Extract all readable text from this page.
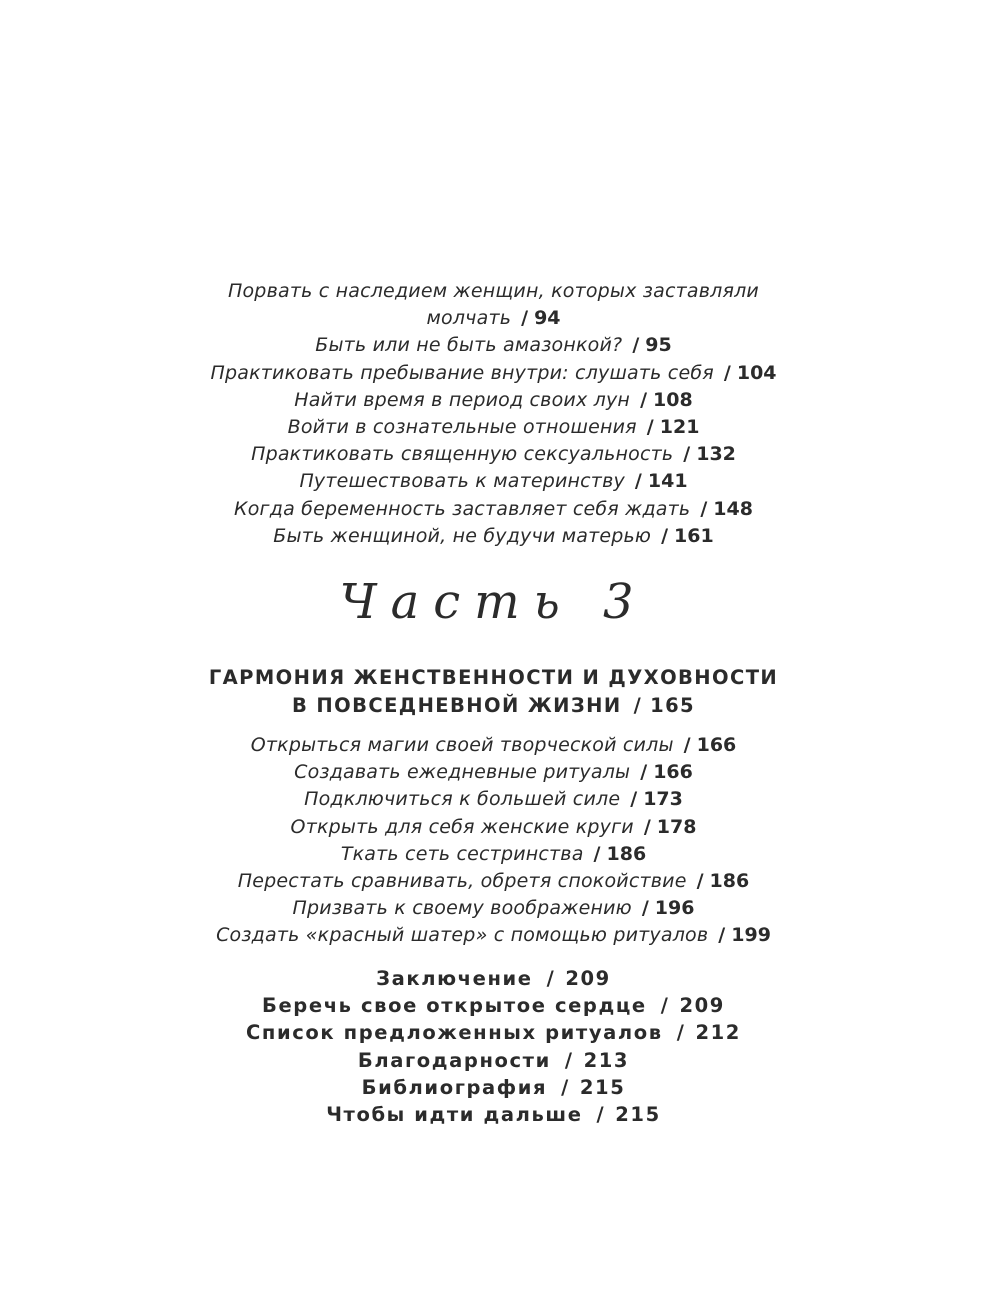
Порвать с наследием женщин, которых заставляли
молчать / 94
Быть или не быть амазонкой? / 95
Практиковать пребывание внутри: слушать себя / 104
Найти время в период своих лун / 108
Войти в сознательные отношения / 121
Практиковать священную сексуальность / 132
Путешествовать к материнству / 141
Когда беременность заставляет себя ждать / 148
Быть женщиной, не будучи матерью / 161
Часть 3
ГАРМОНИЯ ЖЕНСТВЕННОСТИ И ДУХОВНОСТИ
В ПОВСЕДНЕВНОЙ ЖИЗНИ / 165
Открыться магии своей творческой силы / 166
Создавать ежедневные ритуалы / 166
Подключиться к большей силе / 173
Открыть для себя женские круги / 178
Ткать сеть сестринства / 186
Перестать сравнивать, обретя спокойствие / 186
Призвать к своему воображению / 196
Создать «красный шатер» с помощью ритуалов / 199
Заключение / 209
Беречь свое открытое сердце / 209
Список предложенных ритуалов / 212
Благодарности / 213
Библиография / 215
Чтобы идти дальше / 215
